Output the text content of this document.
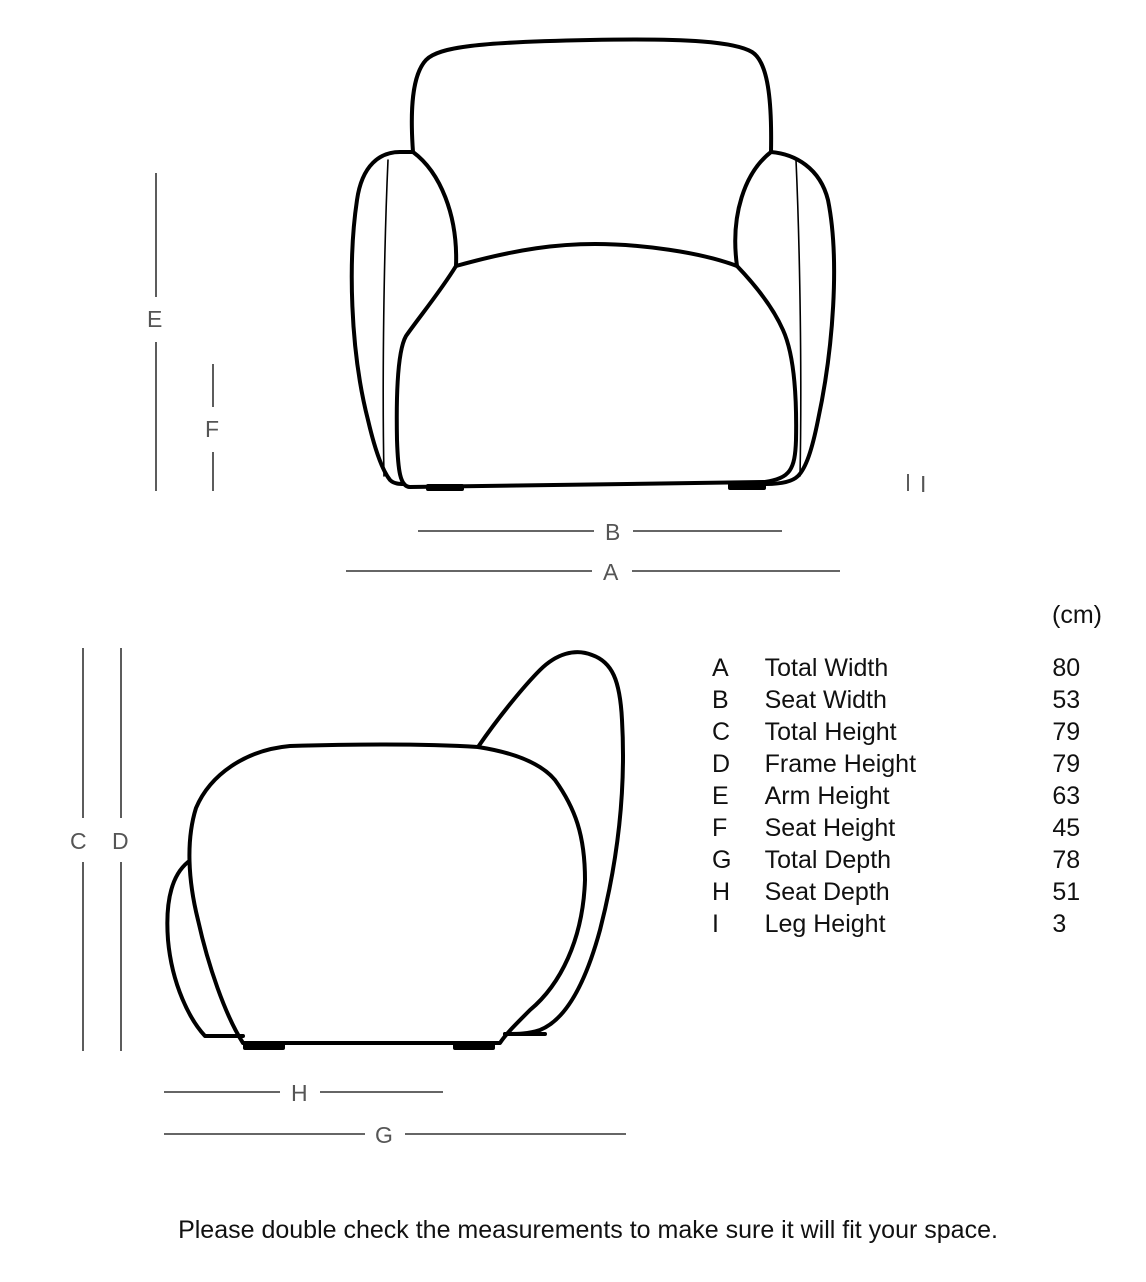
E
F
I
B
A
C D
H
G
(cm)
A	Total Width	80
B	Seat Width	53
C	Total Height	79
D	Frame Height	79
E	Arm Height	63
F	Seat Height	45
G	Total Depth	78
H	Seat Depth	51
I	Leg Height	3
Please double check the measurements to make sure it will fit your space.
